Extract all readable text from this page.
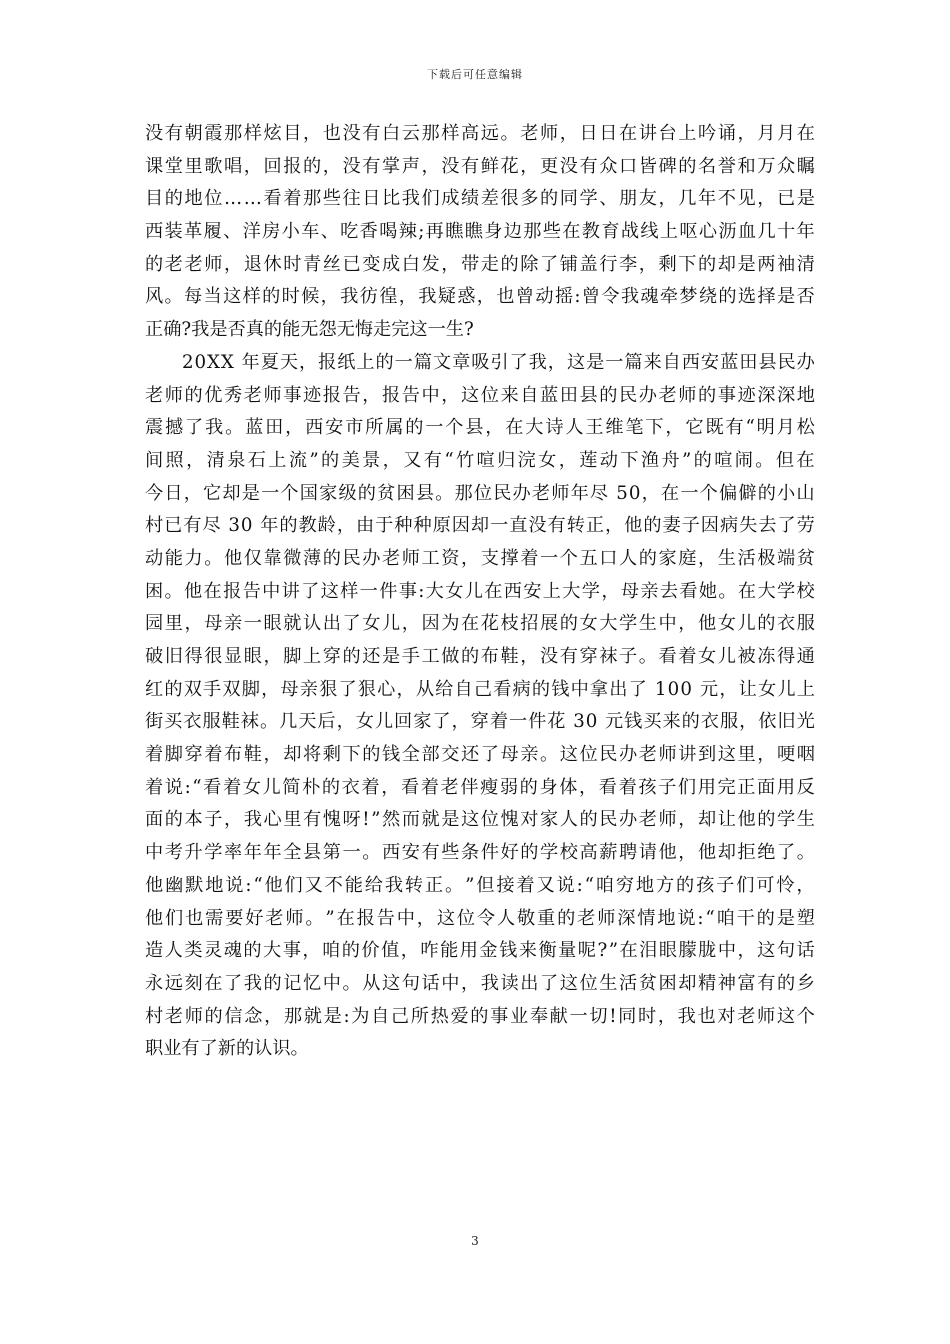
下载后可任意编辑
没 有 朝 霞 那 样 炫 目 ， 也 没 有 白 云 那 样 高 远 。 老 师 ， 日 日 在 讲 台 上 吟 诵 ， 月 月 在
课 堂 里 歌 唱 ， 回 报 的 ， 没 有 掌 声 ， 没 有 鲜 花 ， 更 没 有 众 口 皆 碑 的 名 誉 和 万 众 瞩
目 的 地 位 … … 看 着 那 些 往 日 比 我 们 成 绩 差 很 多 的 同 学 、 朋 友 ， 几 年 不 见 ， 已 是
西 装 革 履 、 洋 房 小 车 、 吃 香 喝 辣 ; 再 瞧 瞧 身 边 那 些 在 教 育 战 线 上 呕 心 沥 血 几 十 年
的 老 老 师 ， 退 休 时 青 丝 已 变 成 白 发 ， 带 走 的 除 了 铺 盖 行 李 ， 剩 下 的 却 是 两 袖 清
风 。 每 当 这 样 的 时 候 ， 我 彷 徨 ， 我 疑 惑 ， 也 曾 动 摇 : 曾 令 我 魂 牵 梦 绕 的 选 择 是 否
正确?我是否真的能无怨无悔走完这一生?
2 0 X X
年 夏 天 ， 报 纸 上 的 一 篇 文 章 吸 引 了 我 ， 这 是 一 篇 来 自 西 安 蓝 田 县 民 办
老 师 的 优 秀 老 师 事 迹 报 告 ， 报 告 中 ， 这 位 来 自 蓝 田 县 的 民 办 老 师 的 事 迹 深 深 地
震 撼 了 我 。 蓝 田 ， 西 安 市 所 属 的 一 个 县 ， 在 大 诗 人 王 维 笔 下 ， 它 既 有 “ 明 月 松
间 照 ， 清 泉 石 上 流 ” 的 美 景 ， 又 有 “ 竹 喧 归 浣 女 ， 莲 动 下 渔 舟 ” 的 喧 闹 。 但 在
今 日 ， 它 却 是 一 个 国 家 级 的 贫 困 县 。 那 位 民 办 老 师 年 尽
5 0 ， 在 一 个 偏 僻 的 小 山
村 已 有 尽
3 0
年 的 教 龄 ， 由 于 种 种 原 因 却 一 直 没 有 转 正 ， 他 的 妻 子 因 病 失 去 了 劳
动 能 力 。 他 仅 靠 微 薄 的 民 办 老 师 工 资 ， 支 撑 着 一 个 五 口 人 的 家 庭 ， 生 活 极 端 贫
困 。 他 在 报 告 中 讲 了 这 样 一 件 事 : 大 女 儿 在 西 安 上 大 学 ， 母 亲 去 看 她 。 在 大 学 校
园 里 ， 母 亲 一 眼 就 认 出 了 女 儿 ， 因 为 在 花 枝 招 展 的 女 大 学 生 中 ， 他 女 儿 的 衣 服
破 旧 得 很 显 眼 ， 脚 上 穿 的 还 是 手 工 做 的 布 鞋 ， 没 有 穿 袜 子 。 看 着 女 儿 被 冻 得 通
红 的 双 手 双 脚 ， 母 亲 狠 了 狠 心 ， 从 给 自 己 看 病 的 钱 中 拿 出 了
1 0 0
元 ， 让 女 儿 上
街 买 衣 服 鞋 袜 。 几 天 后 ， 女 儿 回 家 了 ， 穿 着 一 件 花
3 0
元 钱 买 来 的 衣 服 ， 依 旧 光
着 脚 穿 着 布 鞋 ， 却 将 剩 下 的 钱 全 部 交 还 了 母 亲 。 这 位 民 办 老 师 讲 到 这 里 ， 哽 咽
着 说 : “ 看 着 女 儿 简 朴 的 衣 着 ， 看 着 老 伴 瘦 弱 的 身 体 ， 看 着 孩 子 们 用 完 正 面 用 反
面 的 本 子 ， 我 心 里 有 愧 呀 ! ” 然 而 就 是 这 位 愧 对 家 人 的 民 办 老 师 ， 却 让 他 的 学 生
中 考 升 学 率 年 年 全 县 第 一 。 西 安 有 些 条 件 好 的 学 校 高 薪 聘 请 他 ， 他 却 拒 绝 了 。
他 幽 默 地 说 : “ 他 们 又 不 能 给 我 转 正 。 ” 但 接 着 又 说 : “ 咱 穷 地 方 的 孩 子 们 可 怜 ，
他 们 也 需 要 好 老 师 。 ” 在 报 告 中 ， 这 位 令 人 敬 重 的 老 师 深 情 地 说 : “ 咱 干 的 是 塑
造 人 类 灵 魂 的 大 事 ， 咱 的 价 值 ， 咋 能 用 金 钱 来 衡 量 呢 ? ” 在 泪 眼 朦 胧 中 ， 这 句 话
永 远 刻 在 了 我 的 记 忆 中 。 从 这 句 话 中 ， 我 读 出 了 这 位 生 活 贫 困 却 精 神 富 有 的 乡
村 老 师 的 信 念 ， 那 就 是 : 为 自 己 所 热 爱 的 事 业 奉 献 一 切 ! 同 时 ， 我 也 对 老 师 这 个
职业有了新的认识。
3
